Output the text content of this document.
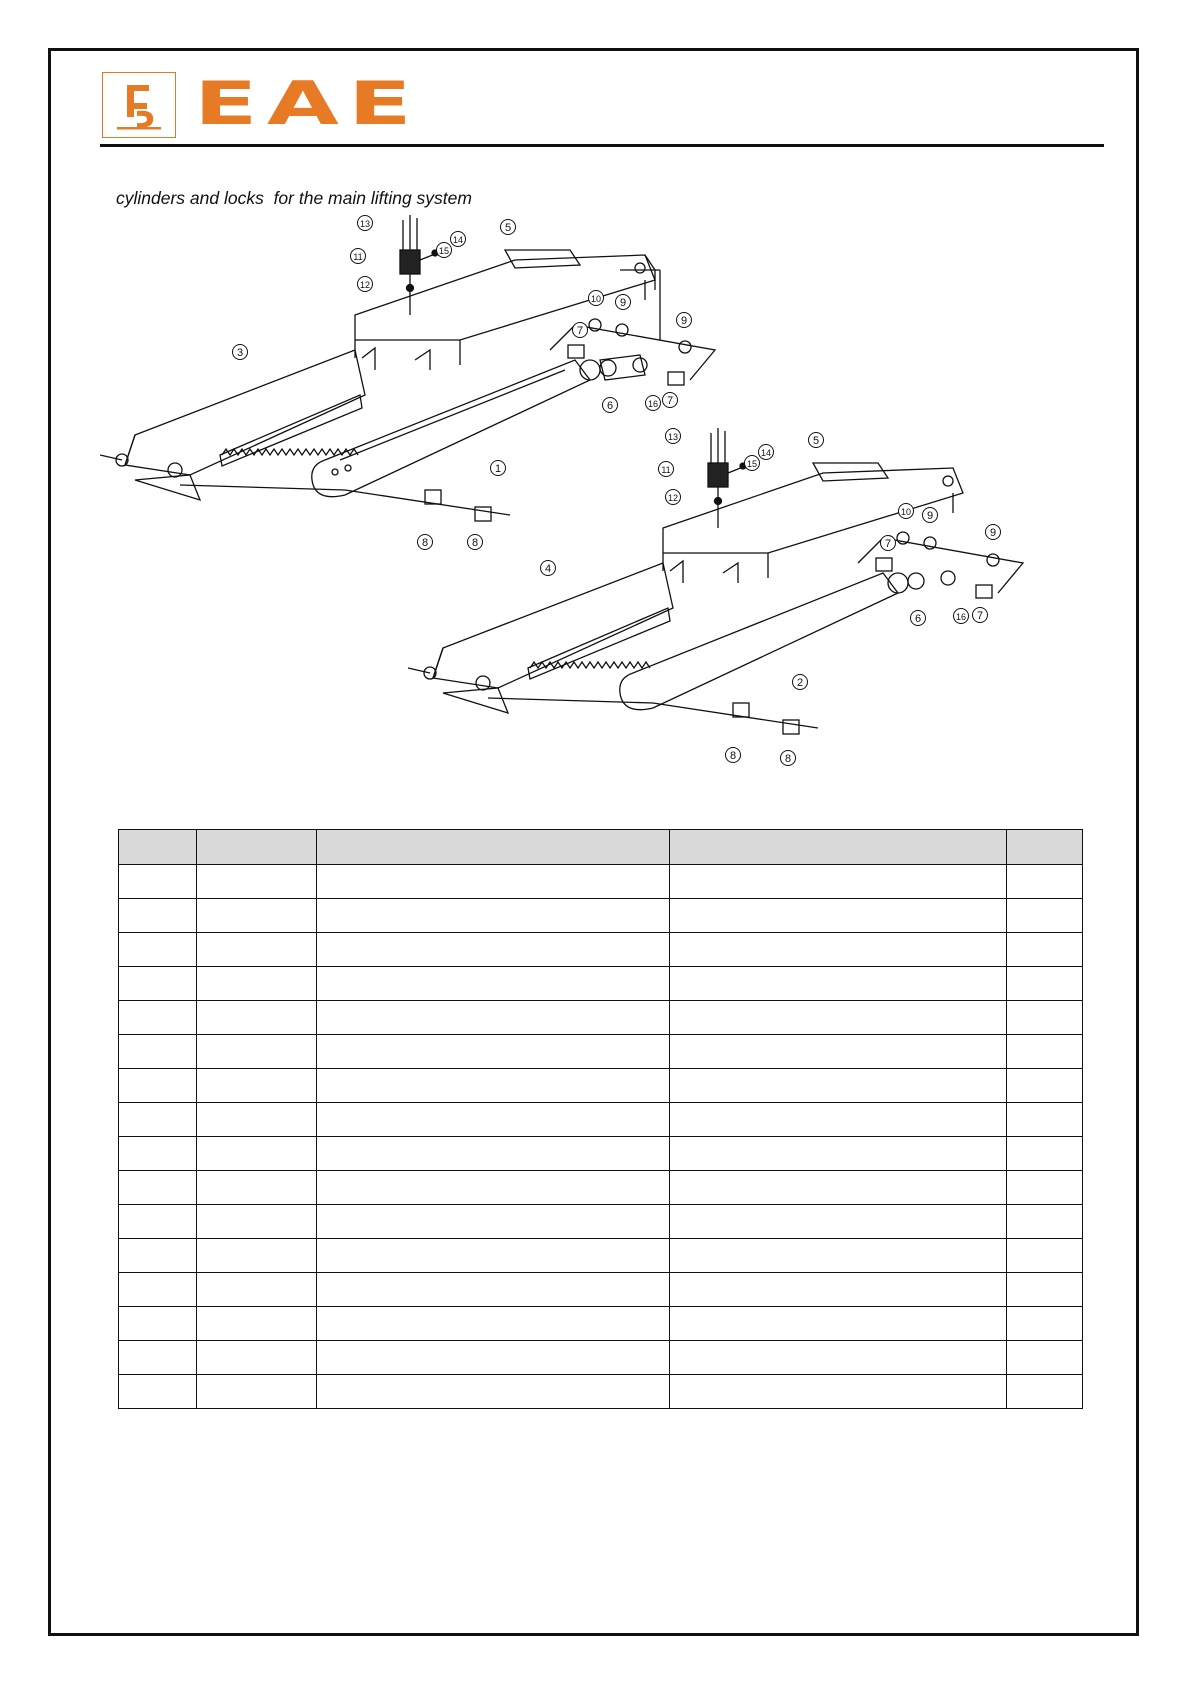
EAE
cylinders and locks  for the main lifting system
1
2
3
4
5
5
6
6
7
7
7
7
8	8
8	8
9
9
9
9
10
10
11
11
12
12
13
13
14
14
15
15
16
16
